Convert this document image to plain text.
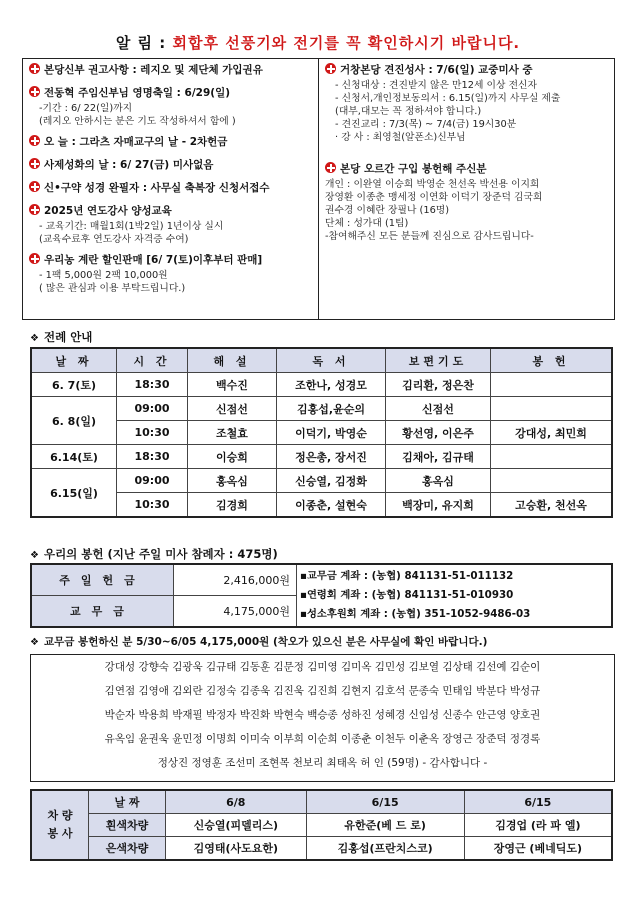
알 림 : 회합후 선풍기와 전기를 꼭 확인하시기 바랍니다.
본당신부 권고사항 : 레지오 및 제단체 가입권유
전동혁 주임신부님 영명축일 : 6/29(일)
-기간 : 6/ 22(일)까지
(레지오 안하시는 분은 기도 작성하셔서 함에 )
오 늘 : 그라츠 자매교구의 날 - 2차헌금
사제성화의 날 : 6/ 27(금) 미사없음
신•구약 성경 완필자 : 사무실 축복장 신청서접수
2025년 연도강사 양성교육
- 교육기간: 매월1회(1박2일) 1년이상 실시
(교육수료후 연도강사 자격증 수여)
우리농 계란 할인판매 [6/ 7(토)이후부터 판매]
- 1팩 5,000원 2팩 10,000원
( 많은 관심과 이용 부탁드립니다.)
거창본당 견진성사 : 7/6(일) 교중미사 중
- 신청대상 : 견진받지 않은 만12세 이상 전신자
- 신청서,개인정보동의서 : 6.15(일)까지 사무실 제출
(대부,대모는 꼭 정하셔야 합니다.)
- 견진교리 : 7/3(목) ~ 7/4(금) 19시30분
· 강 사 : 최영철(알폰소)신부님
본당 오르간 구입 봉헌해 주신분
개인 : 이완열 이승희 박영순 천선옥 박선용 이지희
장영환 이종춘 맹세정 이연화 이덕기 장준덕 김국희
권수경 이혜란 장필나 (16명)
단체 : 성가대 (1팀)
-참여해주신 모든 분들께 진심으로 감사드립니다-
❖ 전례 안내
날 짜	시 간	해 설	독 서	보편기도	봉 헌
6. 7(토)	18:30	백수진	조한나, 성경모	김리환, 정은찬	
6. 8(일)	09:00	신점선	김홍섭,윤순의	신점선	
	10:30	조철효	이덕기, 박영순	황선영, 이은주	강대성, 최민희
6.14(토)	18:30	이승희	정은총, 장서진	김채아, 김규태	
6.15(일)	09:00	홍옥심	신승열, 김정화	홍옥심	
	10:30	김경희	이종춘, 설현숙	백장미, 유지희	고승환, 천선옥
❖ 우리의 봉헌 (지난 주일 미사 참례자 : 475명)
주일헌금	2,416,000원	▪교무금 계좌 : (농협) 841131-51-011132
▪연령회 계좌 : (농협) 841131-51-010930
▪성소후원회 계좌 : (농협) 351-1052-9486-03

교무금	4,175,000원	
❖ 교무금 봉헌하신 분 5/30~6/05 4,175,000원 (착오가 있으신 분은 사무실에 확인 바랍니다.)

강대성 강향숙 김광욱 김규태 김동훈 김문정 김미영 김미옥 김민성 김보열 김상태 김선예 김순이

김연점 김영애 김외란 김정숙 김종욱 김진욱 김진희 김현지 김호석 문종숙 민태임 박분다 박성규

박순자 박용희 박재필 박정자 박진화 박현숙 백승종 성하진 성혜경 신임성 신종수 안근영 양호권

유옥임 윤권욱 윤민정 이명희 이미숙 이부희 이순희 이종춘 이천두 이춘옥 장영근 장준덕 정경록

정상진 정영훈 조선미 조현목 천보리 최태옥 허 인 (59명) - 감사합니다 -

차 량
봉 사	날 짜	6/8	6/15	6/15
	흰색차량	신승열(피델리스)	유한준(베 드 로)	김경업 (라 파 엘)
	은색차량	김영태(사도요한)	김홍섭(프란치스코)	장영근 (베네딕도)
